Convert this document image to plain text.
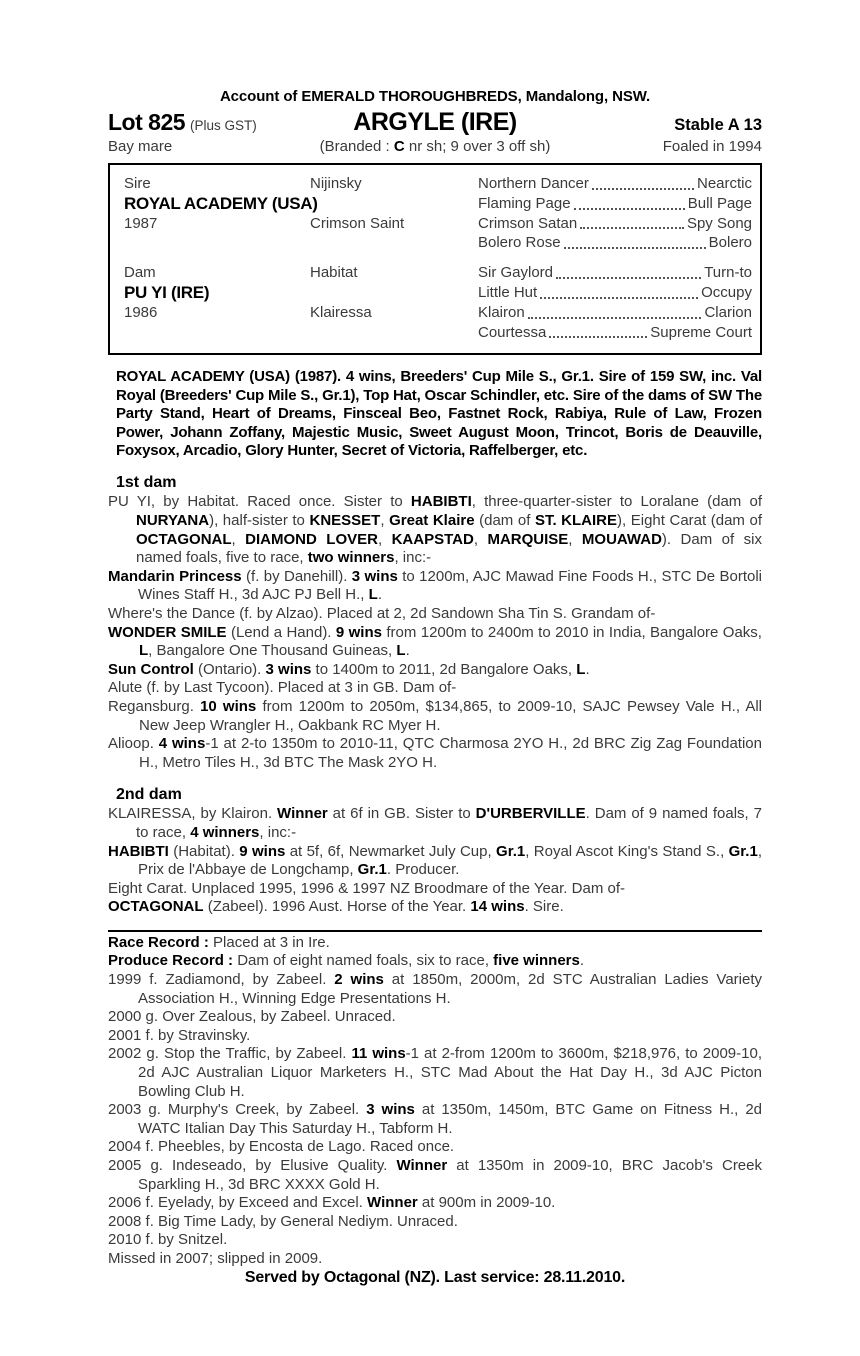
Account of EMERALD THOROUGHBREDS, Mandalong, NSW.
Lot 825 (Plus GST)	ARGYLE (IRE)	Stable A 13
Bay mare	(Branded : C nr sh; 9 over 3 off sh)	Foaled in 1994
Sire
ROYAL ACADEMY (USA)
1987
Nijinsky
Crimson Saint
Northern Dancer	Nearctic
Flaming Page	Bull Page
Crimson Satan	Spy Song
Bolero Rose	Bolero
Dam
PU YI (IRE)
1986
Habitat
Klairessa
Sir Gaylord	Turn-to
Little Hut	Occupy
Klairon	Clarion
Courtessa	Supreme Court

ROYAL ACADEMY (USA) (1987). 4 wins, Breeders' Cup Mile S., Gr.1. Sire of 159 SW, inc. Val Royal (Breeders' Cup Mile S., Gr.1), Top Hat, Oscar Schindler, etc. Sire of the dams of SW The Party Stand, Heart of Dreams, Finsceal Beo, Fastnet Rock, Rabiya, Rule of Law, Frozen Power, Johann Zoffany, Majestic Music, Sweet August Moon, Trincot, Boris de Deauville, Foxysox, Arcadio, Glory Hunter, Secret of Victoria, Raffelberger, etc.

1st dam

PU YI, by Habitat. Raced once. Sister to HABIBTI, three-quarter-sister to Loralane (dam of NURYANA), half-sister to KNESSET, Great Klaire (dam of ST. KLAIRE), Eight Carat (dam of OCTAGONAL, DIAMOND LOVER, KAAPSTAD, MARQUISE, MOUAWAD). Dam of six named foals, five to race, two winners, inc:-

Mandarin Princess (f. by Danehill). 3 wins to 1200m, AJC Mawad Fine Foods H., STC De Bortoli Wines Staff H., 3d AJC PJ Bell H., L.

Where's the Dance (f. by Alzao). Placed at 2, 2d Sandown Sha Tin S. Grandam of-

WONDER SMILE (Lend a Hand). 9 wins from 1200m to 2400m to 2010 in India, Bangalore Oaks, L, Bangalore One Thousand Guineas, L.

Sun Control (Ontario). 3 wins to 1400m to 2011, 2d Bangalore Oaks, L.

Alute (f. by Last Tycoon). Placed at 3 in GB. Dam of-

Regansburg. 10 wins from 1200m to 2050m, $134,865, to 2009-10, SAJC Pewsey Vale H., All New Jeep Wrangler H., Oakbank RC Myer H.

Alioop. 4 wins-1 at 2-to 1350m to 2010-11, QTC Charmosa 2YO H., 2d BRC Zig Zag Foundation H., Metro Tiles H., 3d BTC The Mask 2YO H.

2nd dam

KLAIRESSA, by Klairon. Winner at 6f in GB. Sister to D'URBERVILLE. Dam of 9 named foals, 7 to race, 4 winners, inc:-

HABIBTI (Habitat). 9 wins at 5f, 6f, Newmarket July Cup, Gr.1, Royal Ascot King's Stand S., Gr.1, Prix de l'Abbaye de Longchamp, Gr.1. Producer.

Eight Carat. Unplaced 1995, 1996 & 1997 NZ Broodmare of the Year. Dam of-

OCTAGONAL (Zabeel). 1996 Aust. Horse of the Year. 14 wins. Sire.

Race Record : Placed at 3 in Ire.

Produce Record : Dam of eight named foals, six to race, five winners.

1999 f. Zadiamond, by Zabeel. 2 wins at 1850m, 2000m, 2d STC Australian Ladies Variety Association H., Winning Edge Presentations H.

2000 g. Over Zealous, by Zabeel. Unraced.

2001 f. by Stravinsky.

2002 g. Stop the Traffic, by Zabeel. 11 wins-1 at 2-from 1200m to 3600m, $218,976, to 2009-10, 2d AJC Australian Liquor Marketers H., STC Mad About the Hat Day H., 3d AJC Picton Bowling Club H.

2003 g. Murphy's Creek, by Zabeel. 3 wins at 1350m, 1450m, BTC Game on Fitness H., 2d WATC Italian Day This Saturday H., Tabform H.

2004 f. Pheebles, by Encosta de Lago. Raced once.

2005 g. Indeseado, by Elusive Quality. Winner at 1350m in 2009-10, BRC Jacob's Creek Sparkling H., 3d BRC XXXX Gold H.

2006 f. Eyelady, by Exceed and Excel. Winner at 900m in 2009-10.

2008 f. Big Time Lady, by General Nediym. Unraced.

2010 f. by Snitzel.

Missed in 2007; slipped in 2009.

Served by Octagonal (NZ). Last service: 28.11.2010.
